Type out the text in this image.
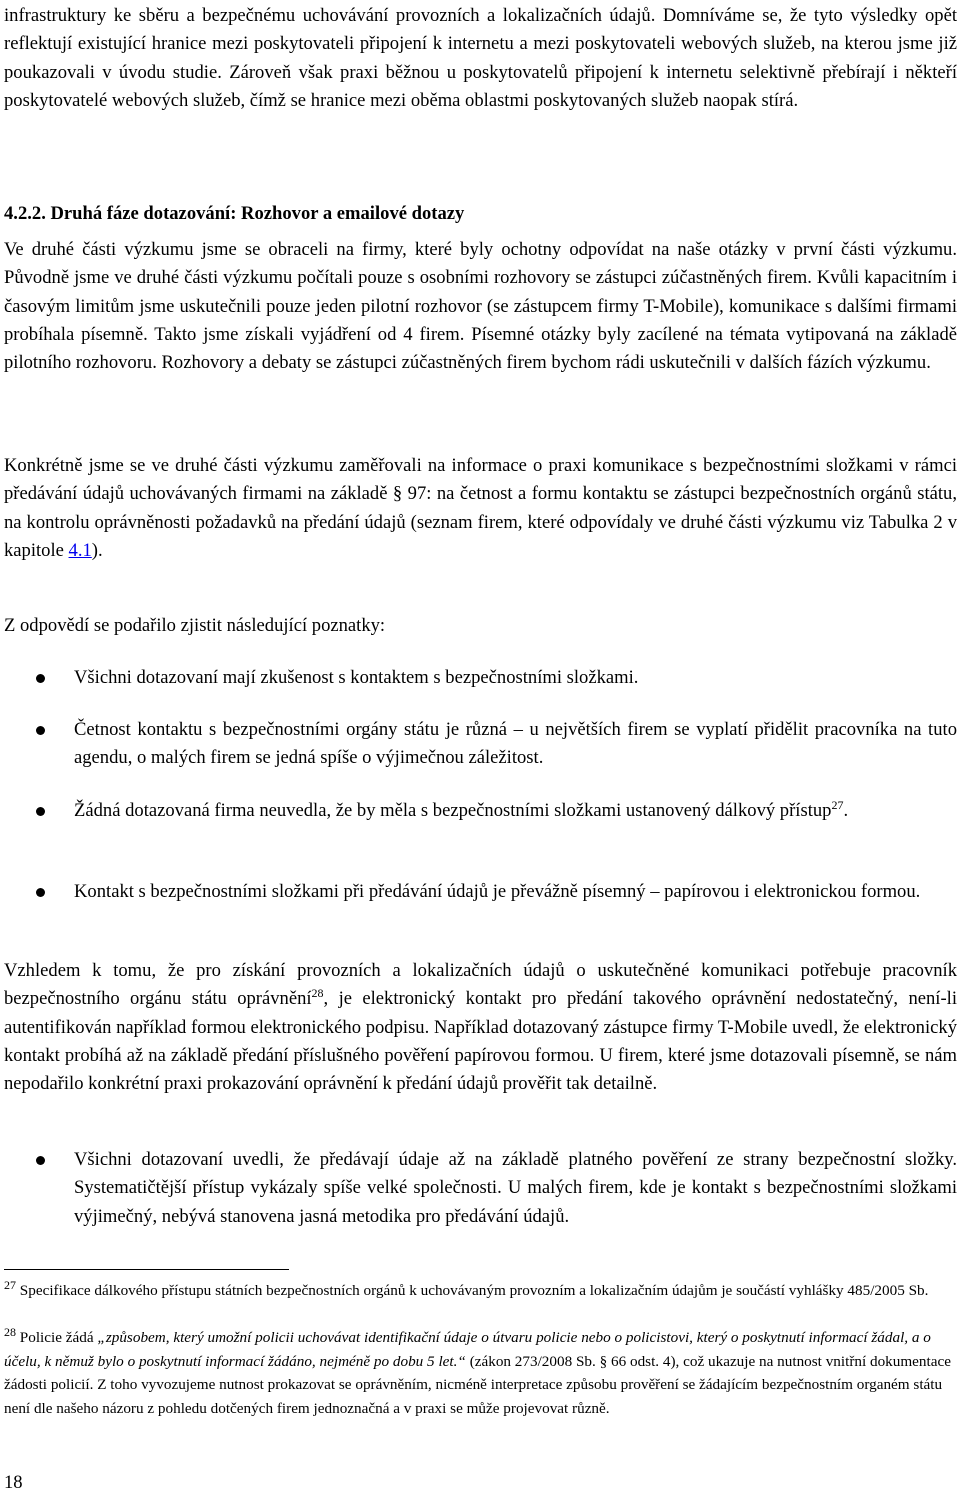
infrastruktury ke sběru a bezpečnému uchovávání provozních a lokalizačních údajů. Domníváme se, že tyto výsledky opět reflektují existující hranice mezi poskytovateli připojení k internetu a mezi poskytovateli webových služeb, na kterou jsme již poukazovali v úvodu studie. Zároveň však praxi běžnou u poskytovatelů připojení k internetu selektivně přebírají i někteří poskytovatelé webových služeb, čímž se hranice mezi oběma oblastmi poskytovaných služeb naopak stírá.

4.2.2. Druhá fáze dotazování: Rozhovor a emailové dotazy

Ve druhé části výzkumu jsme se obraceli na firmy, které byly ochotny odpovídat na naše otázky v první části výzkumu. Původně jsme ve druhé části výzkumu počítali pouze s osobními rozhovory se zástupci zúčastněných firem. Kvůli kapacitním i časovým limitům jsme uskutečnili pouze jeden pilotní rozhovor (se zástupcem firmy T-Mobile), komunikace s dalšími firmami probíhala písemně. Takto jsme získali vyjádření od 4 firem. Písemné otázky byly zacílené na témata vytipovaná na základě pilotního rozhovoru. Rozhovory a debaty se zástupci zúčastněných firem bychom rádi uskutečnili v dalších fázích výzkumu.

Konkrétně jsme se ve druhé části výzkumu zaměřovali na informace o praxi komunikace s bezpečnostními složkami v rámci předávání údajů uchovávaných firmami na základě § 97: na četnost a formu kontaktu se zástupci bezpečnostních orgánů státu, na kontrolu oprávněnosti požadavků na předání údajů (seznam firem, které odpovídaly ve druhé části výzkumu viz Tabulka 2 v kapitole 4.1).

Z odpovědí se podařilo zjistit následující poznatky:

Všichni dotazovaní mají zkušenost s kontaktem s bezpečnostními složkami.

Četnost kontaktu s bezpečnostními orgány státu je různá – u největších firem se vyplatí přidělit pracovníka na tuto agendu, o malých firem se jedná spíše o výjimečnou záležitost.

Žádná dotazovaná firma neuvedla, že by měla s bezpečnostními složkami ustanovený dálkový přístup$^{27}$.

Kontakt s bezpečnostními složkami při předávání údajů je převážně písemný – papírovou i elektronickou formou.

Vzhledem k tomu, že pro získání provozních a lokalizačních údajů o uskutečněné komunikaci potřebuje pracovník bezpečnostního orgánu státu oprávnění$^{28}$, je elektronický kontakt pro předání takového oprávnění nedostatečný, není-li autentifikován například formou elektronického podpisu. Například dotazovaný zástupce firmy T-Mobile uvedl, že elektronický kontakt probíhá až na základě předání příslušného pověření papírovou formou. U firem, které jsme dotazovali písemně, se nám nepodařilo konkrétní praxi prokazování oprávnění k předání údajů prověřit tak detailně.

Všichni dotazovaní uvedli, že předávají údaje až na základě platného pověření ze strany bezpečnostní složky. Systematičtější přístup vykázaly spíše velké společnosti. U malých firem, kde je kontakt s bezpečnostními složkami výjimečný, nebývá stanovena jasná metodika pro předávání údajů.

$^{27}$ Specifikace dálkového přístupu státních bezpečnostních orgánů k uchovávaným provozním a lokalizačním údajům je součástí vyhlášky 485/2005 Sb.

$^{28}$ Policie žádá „způsobem, který umožní policii uchovávat identifikační údaje o útvaru policie nebo o policistovi, který o poskytnutí informací žádal, a o účelu, k němuž bylo o poskytnutí informací žádáno, nejméně po dobu 5 let.“ (zákon 273/2008 Sb. § 66 odst. 4), což ukazuje na nutnost vnitřní dokumentace žádosti policií. Z toho vyvozujeme nutnost prokazovat se oprávněním, nicméně interpretace způsobu prověření se žádajícím bezpečnostním organém státu není dle našeho názoru z pohledu dotčených firem jednoznačná a v praxi se může projevovat různě.

18
